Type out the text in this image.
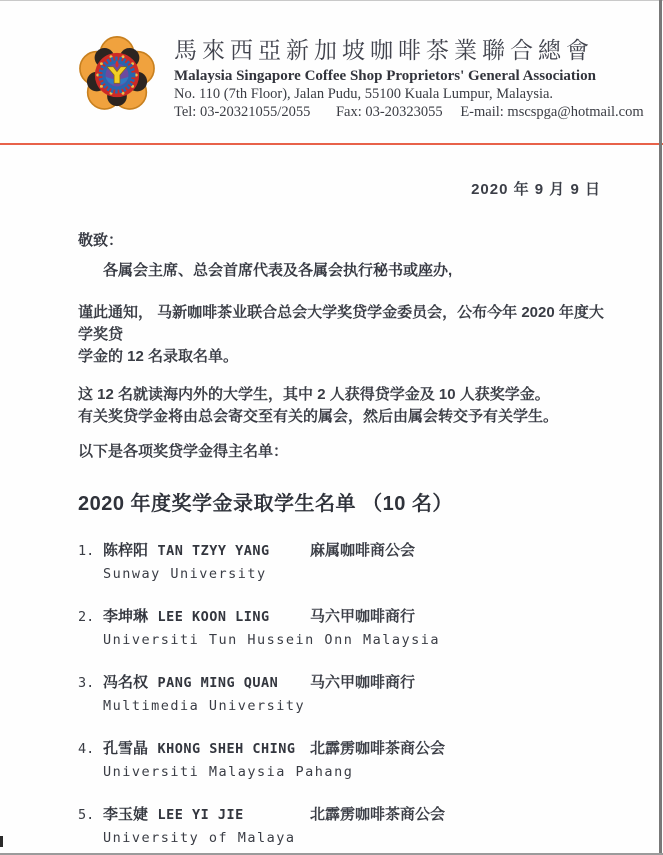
馬來西亞新加坡咖啡茶業聯合總會
Malaysia Singapore Coffee Shop Proprietors' General Association
No. 110 (7th Floor), Jalan Pudu, 55100 Kuala Lumpur, Malaysia.
Tel: 03-20321055/2055 Fax: 03-20323055 E-mail: mscspga@hotmail.com
2020 年 9 月 9 日
敬致：
各属会主席、总会首席代表及各属会执行秘书或座办,
谨此通知， 马新咖啡茶业联合总会大学奖贷学金委员会，公布今年 2020 年度大学奖贷
学金的 12 名录取名单。
这 12 名就读海内外的大学生，其中 2 人获得贷学金及 10 人获奖学金。
有关奖贷学金将由总会寄交至有关的属会，然后由属会转交予有关学生。
以下是各项奖贷学金得主名单：
2020 年度奖学金录取学生名单 （10 名）
1. 陈梓阳 TAN TZYY YANG	麻属咖啡商公会
Sunway University
2. 李坤琳 LEE KOON LING	马六甲咖啡商行
Universiti Tun Hussein Onn Malaysia
3. 冯名权 PANG MING QUAN	马六甲咖啡商行
Multimedia University
4. 孔雪晶 KHONG SHEH CHING 北霹雳咖啡茶商公会
Universiti Malaysia Pahang
5. 李玉婕 LEE YI JIE	北霹雳咖啡茶商公会
University of Malaya
